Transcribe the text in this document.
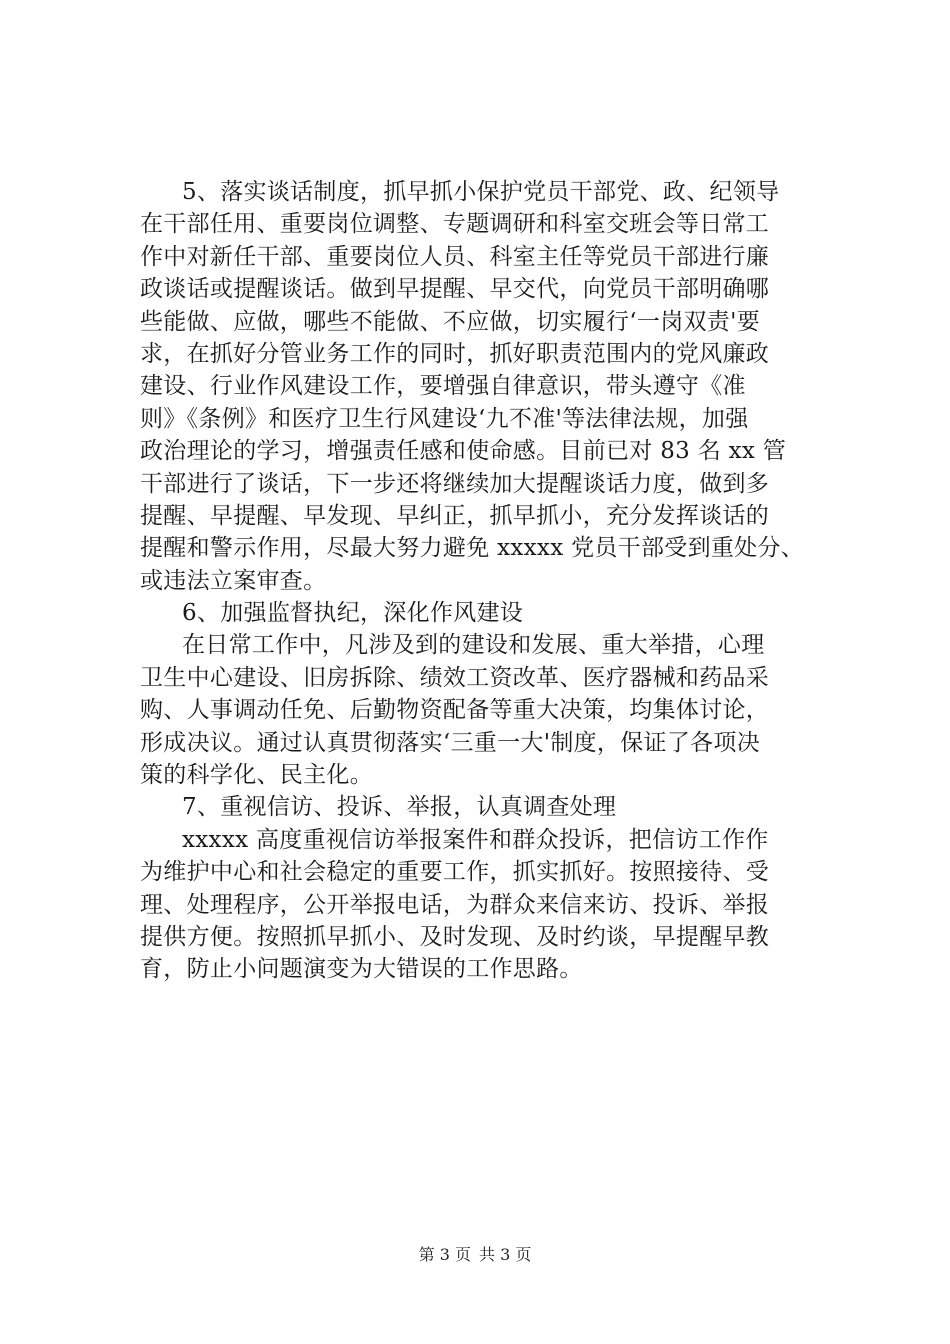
5、落实谈话制度，抓早抓小保护党员干部党、政、纪领导
在干部任用、重要岗位调整、专题调研和科室交班会等日常工
作中对新任干部、重要岗位人员、科室主任等党员干部进行廉
政谈话或提醒谈话。做到早提醒、早交代，向党员干部明确哪
些能做、应做，哪些不能做、不应做，切实履行‘一岗双责'要
求，在抓好分管业务工作的同时，抓好职责范围内的党风廉政
建设、行业作风建设工作，要增强自律意识，带头遵守《准
则》《条例》和医疗卫生行风建设‘九不准'等法律法规，加强
政治理论的学习，增强责任感和使命感。目前已对 83 名 xx 管
干部进行了谈话，下一步还将继续加大提醒谈话力度，做到多
提醒、早提醒、早发现、早纠正，抓早抓小，充分发挥谈话的
提醒和警示作用，尽最大努力避免 xxxxx 党员干部受到重处分、
或违法立案审查。
6、加强监督执纪，深化作风建设
在日常工作中，凡涉及到的建设和发展、重大举措，心理
卫生中心建设、旧房拆除、绩效工资改革、医疗器械和药品采
购、人事调动任免、后勤物资配备等重大决策，均集体讨论，
形成决议。通过认真贯彻落实‘三重一大'制度，保证了各项决
策的科学化、民主化。
7、重视信访、投诉、举报，认真调查处理
xxxxx 高度重视信访举报案件和群众投诉，把信访工作作
为维护中心和社会稳定的重要工作，抓实抓好。按照接待、受
理、处理程序，公开举报电话，为群众来信来访、投诉、举报
提供方便。按照抓早抓小、及时发现、及时约谈，早提醒早教
育，防止小问题演变为大错误的工作思路。
第 3 页 共 3 页
